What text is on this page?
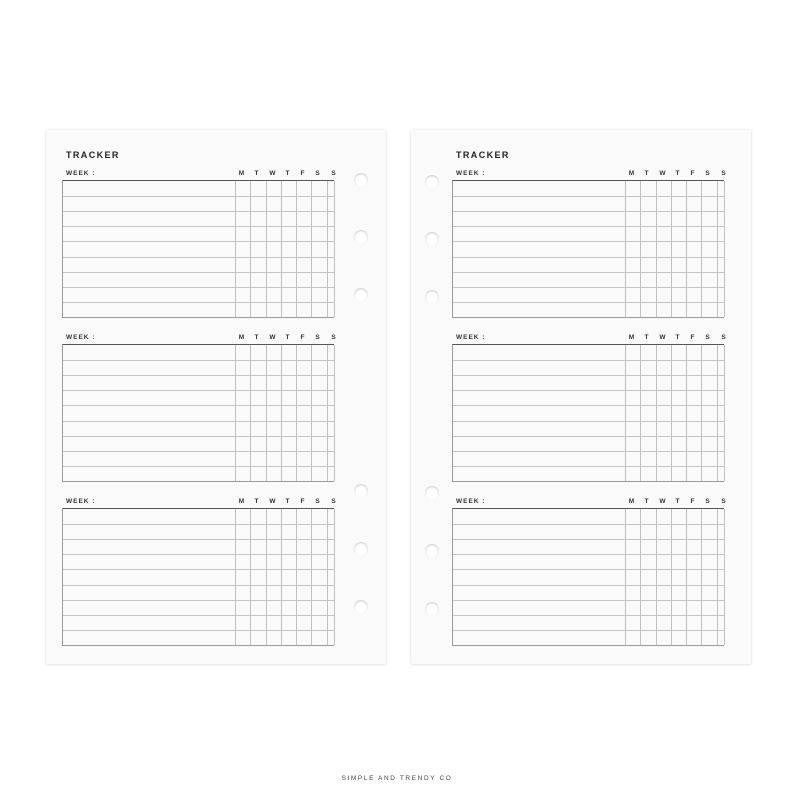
TRACKER
WEEK :	M	T	W	T	F	S	S
WEEK :	M	T	W	T	F	S	S
WEEK :	M	T	W	T	F	S	S
TRACKER
WEEK :	M	T	W	T	F	S	S
WEEK :	M	T	W	T	F	S	S
WEEK :	M	T	W	T	F	S	S
SIMPLE AND TRENDY CO
